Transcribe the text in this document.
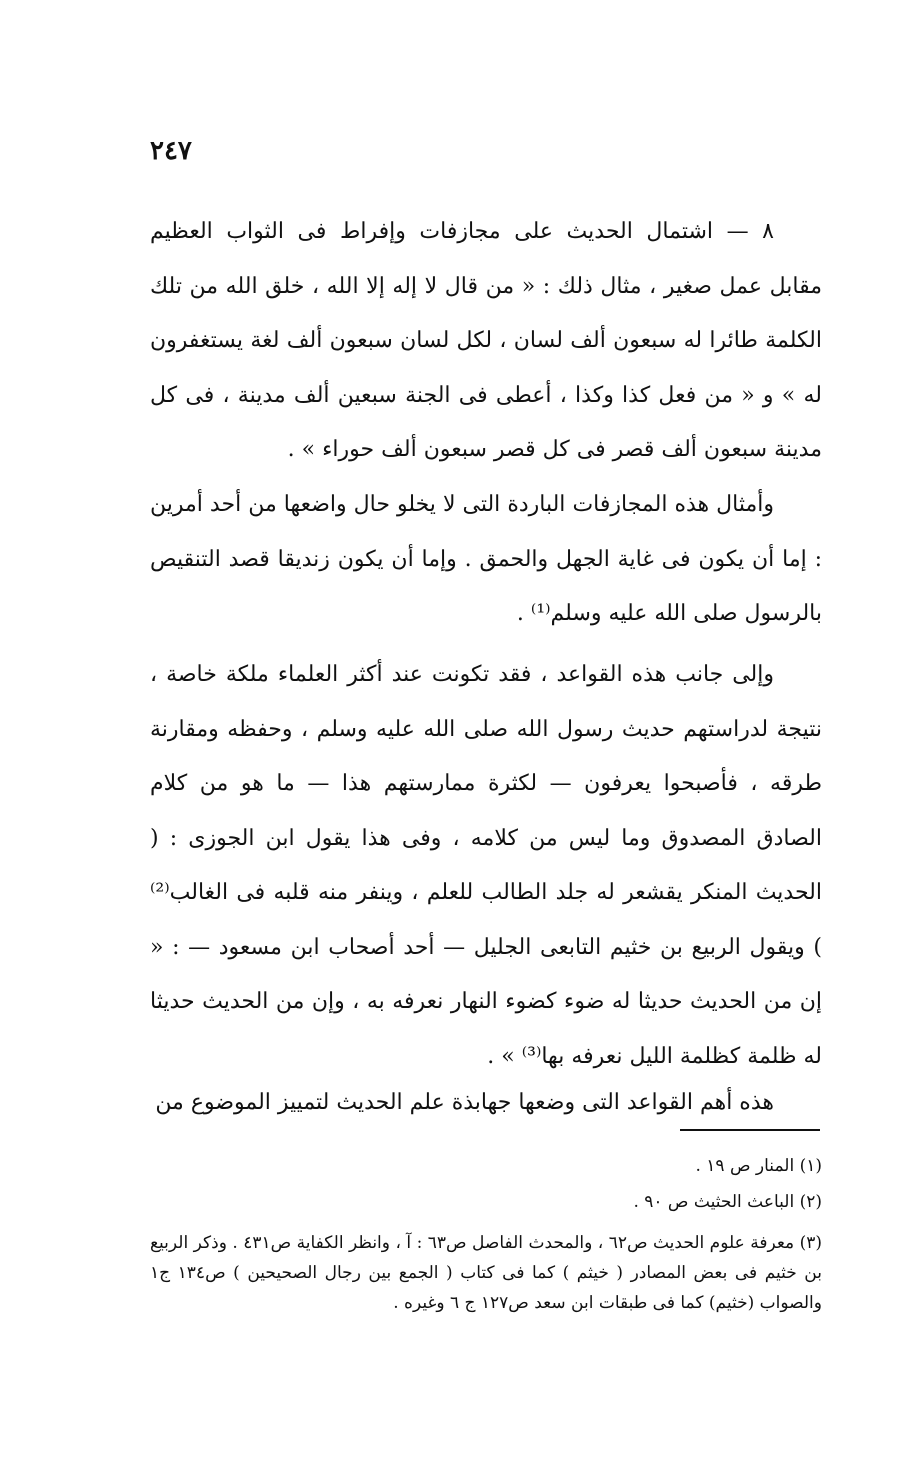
٢٤٧

٨ — اشتمال الحديث على مجازفات وإفراط فى الثواب العظيم مقابل عمل صغير ، مثال ذلك : « من قال لا إله إلا الله ، خلق الله من تلك الكلمة طائرا له سبعون ألف لسان ، لكل لسان سبعون ألف لغة يستغفرون له » و « من فعل كذا وكذا ، أعطى فى الجنة سبعين ألف مدينة ، فى كل مدينة سبعون ألف قصر فى كل قصر سبعون ألف حوراء » .

وأمثال هذه المجازفات الباردة التى لا يخلو حال واضعها من أحد أمرين : إما أن يكون فى غاية الجهل والحمق . وإما أن يكون زنديقا قصد التنقيص بالرسول صلى الله عليه وسلم⁽¹⁾ .

وإلى جانب هذه القواعد ، فقد تكونت عند أكثر العلماء ملكة خاصة ، نتيجة لدراستهم حديث رسول الله صلى الله عليه وسلم ، وحفظه ومقارنة طرقه ، فأصبحوا يعرفون — لكثرة ممارستهم هذا — ما هو من كلام الصادق المصدوق وما ليس من كلامه ، وفى هذا يقول ابن الجوزى : ( الحديث المنكر يقشعر له جلد الطالب للعلم ، وينفر منه قلبه فى الغالب⁽²⁾ ) ويقول الربيع بن خثيم التابعى الجليل — أحد أصحاب ابن مسعود — : « إن من الحديث حديثا له ضوء كضوء النهار نعرفه به ، وإن من الحديث حديثا له ظلمة كظلمة الليل نعرفه بها⁽³⁾ » .

هذه أهم القواعد التى وضعها جهابذة علم الحديث لتمييز الموضوع من

(١) المنار ص ١٩ .

(٢) الباعث الحثيث ص ٩٠ .

(٣) معرفة علوم الحديث ص٦٢ ، والمحدث الفاصل ص٦٣ : آ ، وانظر الكفاية ص٤٣١ . وذكر الربيع بن خثيم فى بعض المصادر ( خيثم ) كما فى كتاب ( الجمع بين رجال الصحيحين ) ص١٣٤ ج١ والصواب (خثيم) كما فى طبقات ابن سعد ص١٢٧ ج ٦ وغيره .
